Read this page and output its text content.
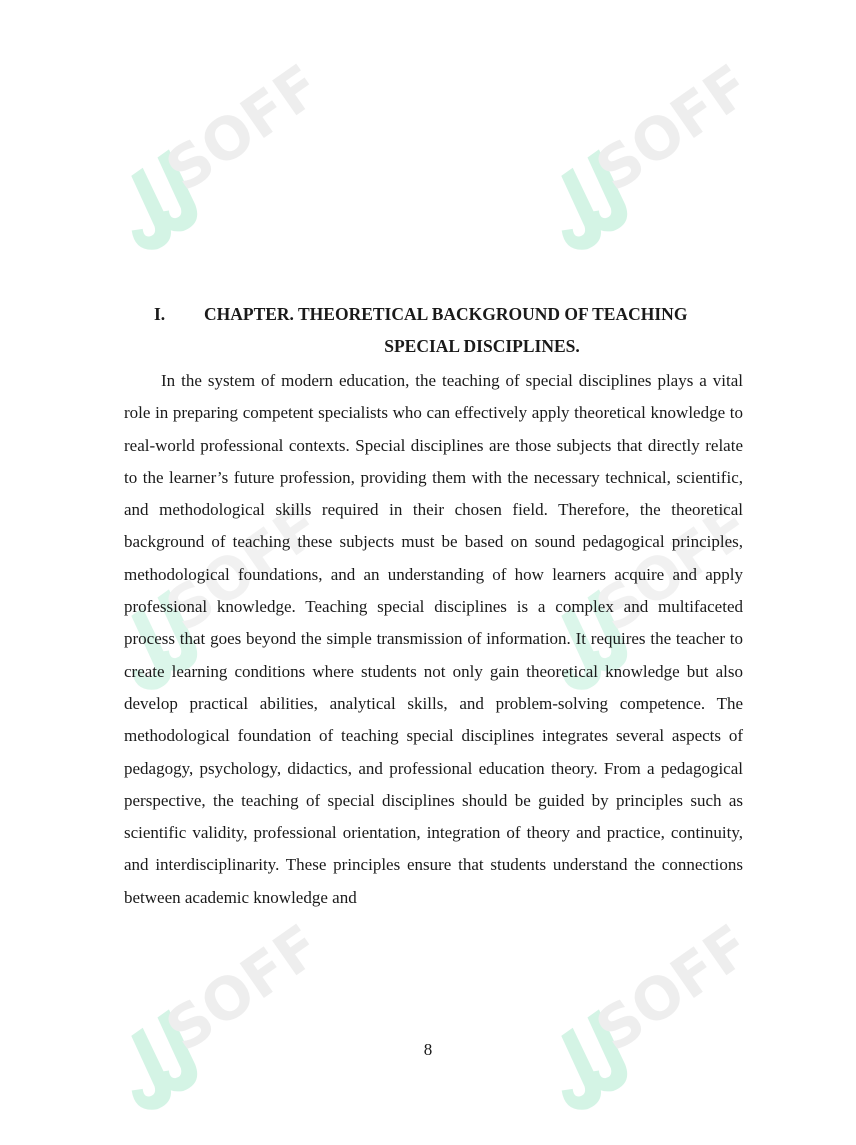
SOFF	SOFF
SOFF	SOFF
SOFF	SOFF
I. CHAPTER. THEORETICAL BACKGROUND OF TEACHING
SPECIAL DISCIPLINES.

In the system of modern education, the teaching of special disciplines plays a vital role in preparing competent specialists who can effectively apply theoretical knowledge to real-world professional contexts. Special disciplines are those subjects that directly relate to the learner’s future profession, providing them with the necessary technical, scientific, and methodological skills required in their chosen field. Therefore, the theoretical background of teaching these subjects must be based on sound pedagogical principles, methodological foundations, and an understanding of how learners acquire and apply professional knowledge. Teaching special disciplines is a complex and multifaceted process that goes beyond the simple transmission of information. It requires the teacher to create learning conditions where students not only gain theoretical knowledge but also develop practical abilities, analytical skills, and problem-solving competence. The methodological foundation of teaching special disciplines integrates several aspects of pedagogy, psychology, didactics, and professional education theory. From a pedagogical perspective, the teaching of special disciplines should be guided by principles such as scientific validity, professional orientation, integration of theory and practice, continuity, and interdisciplinarity. These principles ensure that students understand the connections between academic knowledge and

8
